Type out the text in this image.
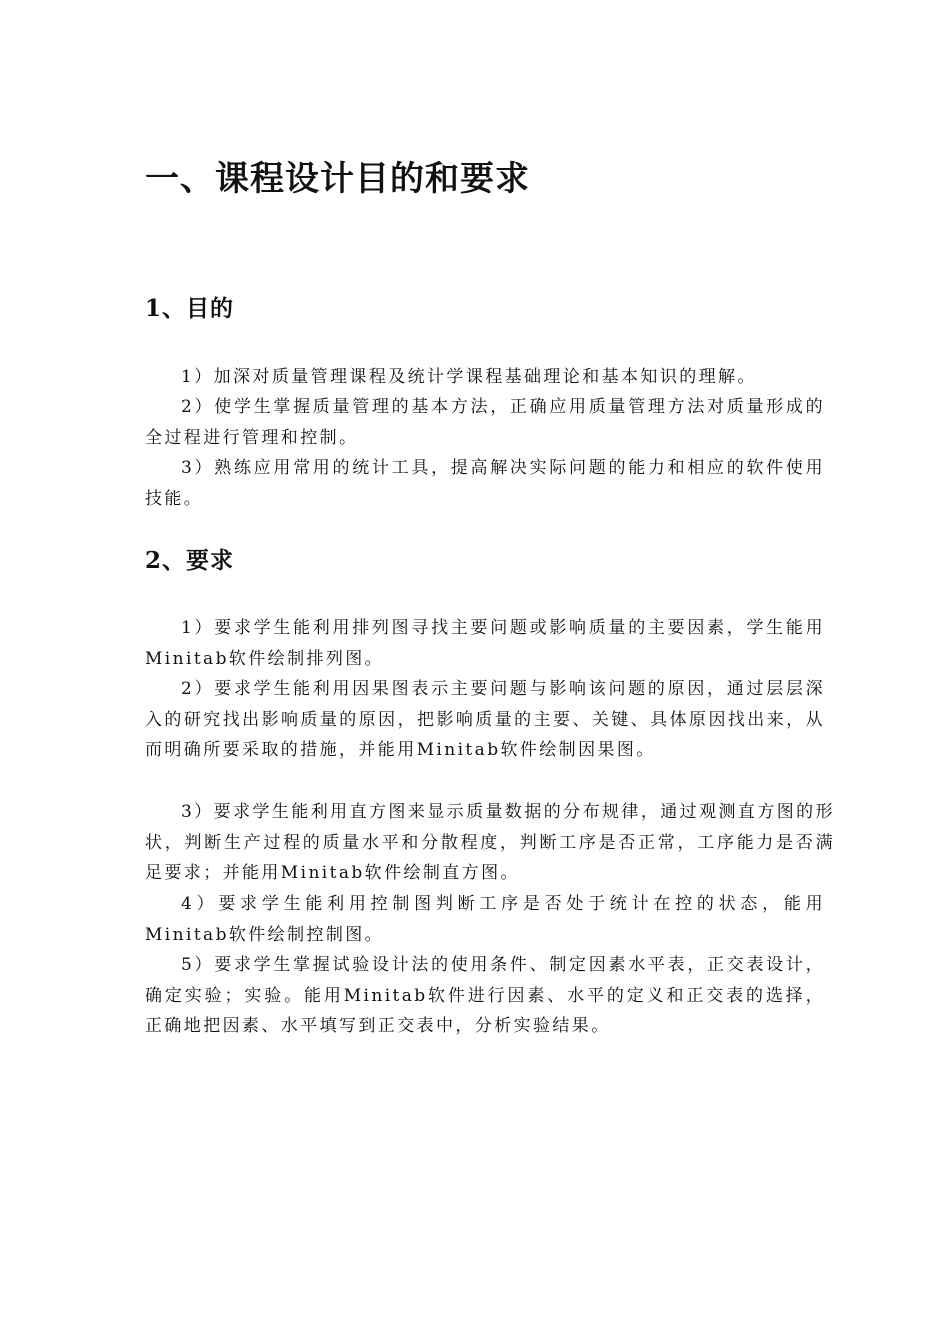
一、课程设计目的和要求
1、目的

1）加深对质量管理课程及统计学课程基础理论和基本知识的理解。

2）使学生掌握质量管理的基本方法，正确应用质量管理方法对质量形成的全过程进行管理和控制。

3）熟练应用常用的统计工具，提高解决实际问题的能力和相应的软件使用技能。

2、要求

1）要求学生能利用排列图寻找主要问题或影响质量的主要因素，学生能用Minitab软件绘制排列图。

2）要求学生能利用因果图表示主要问题与影响该问题的原因，通过层层深入的研究找出影响质量的原因，把影响质量的主要、关键、具体原因找出来，从而明确所要采取的措施，并能用Minitab软件绘制因果图。

3）要求学生能利用直方图来显示质量数据的分布规律，通过观测直方图的形状，判断生产过程的质量水平和分散程度，判断工序是否正常，工序能力是否满足要求；并能用Minitab软件绘制直方图。

4）要求学生能利用控制图判断工序是否处于统计在控的状态，能用Minitab软件绘制控制图。

5）要求学生掌握试验设计法的使用条件、制定因素水平表，正交表设计，确定实验；实验。能用Minitab软件进行因素、水平的定义和正交表的选择，正确地把因素、水平填写到正交表中，分析实验结果。
